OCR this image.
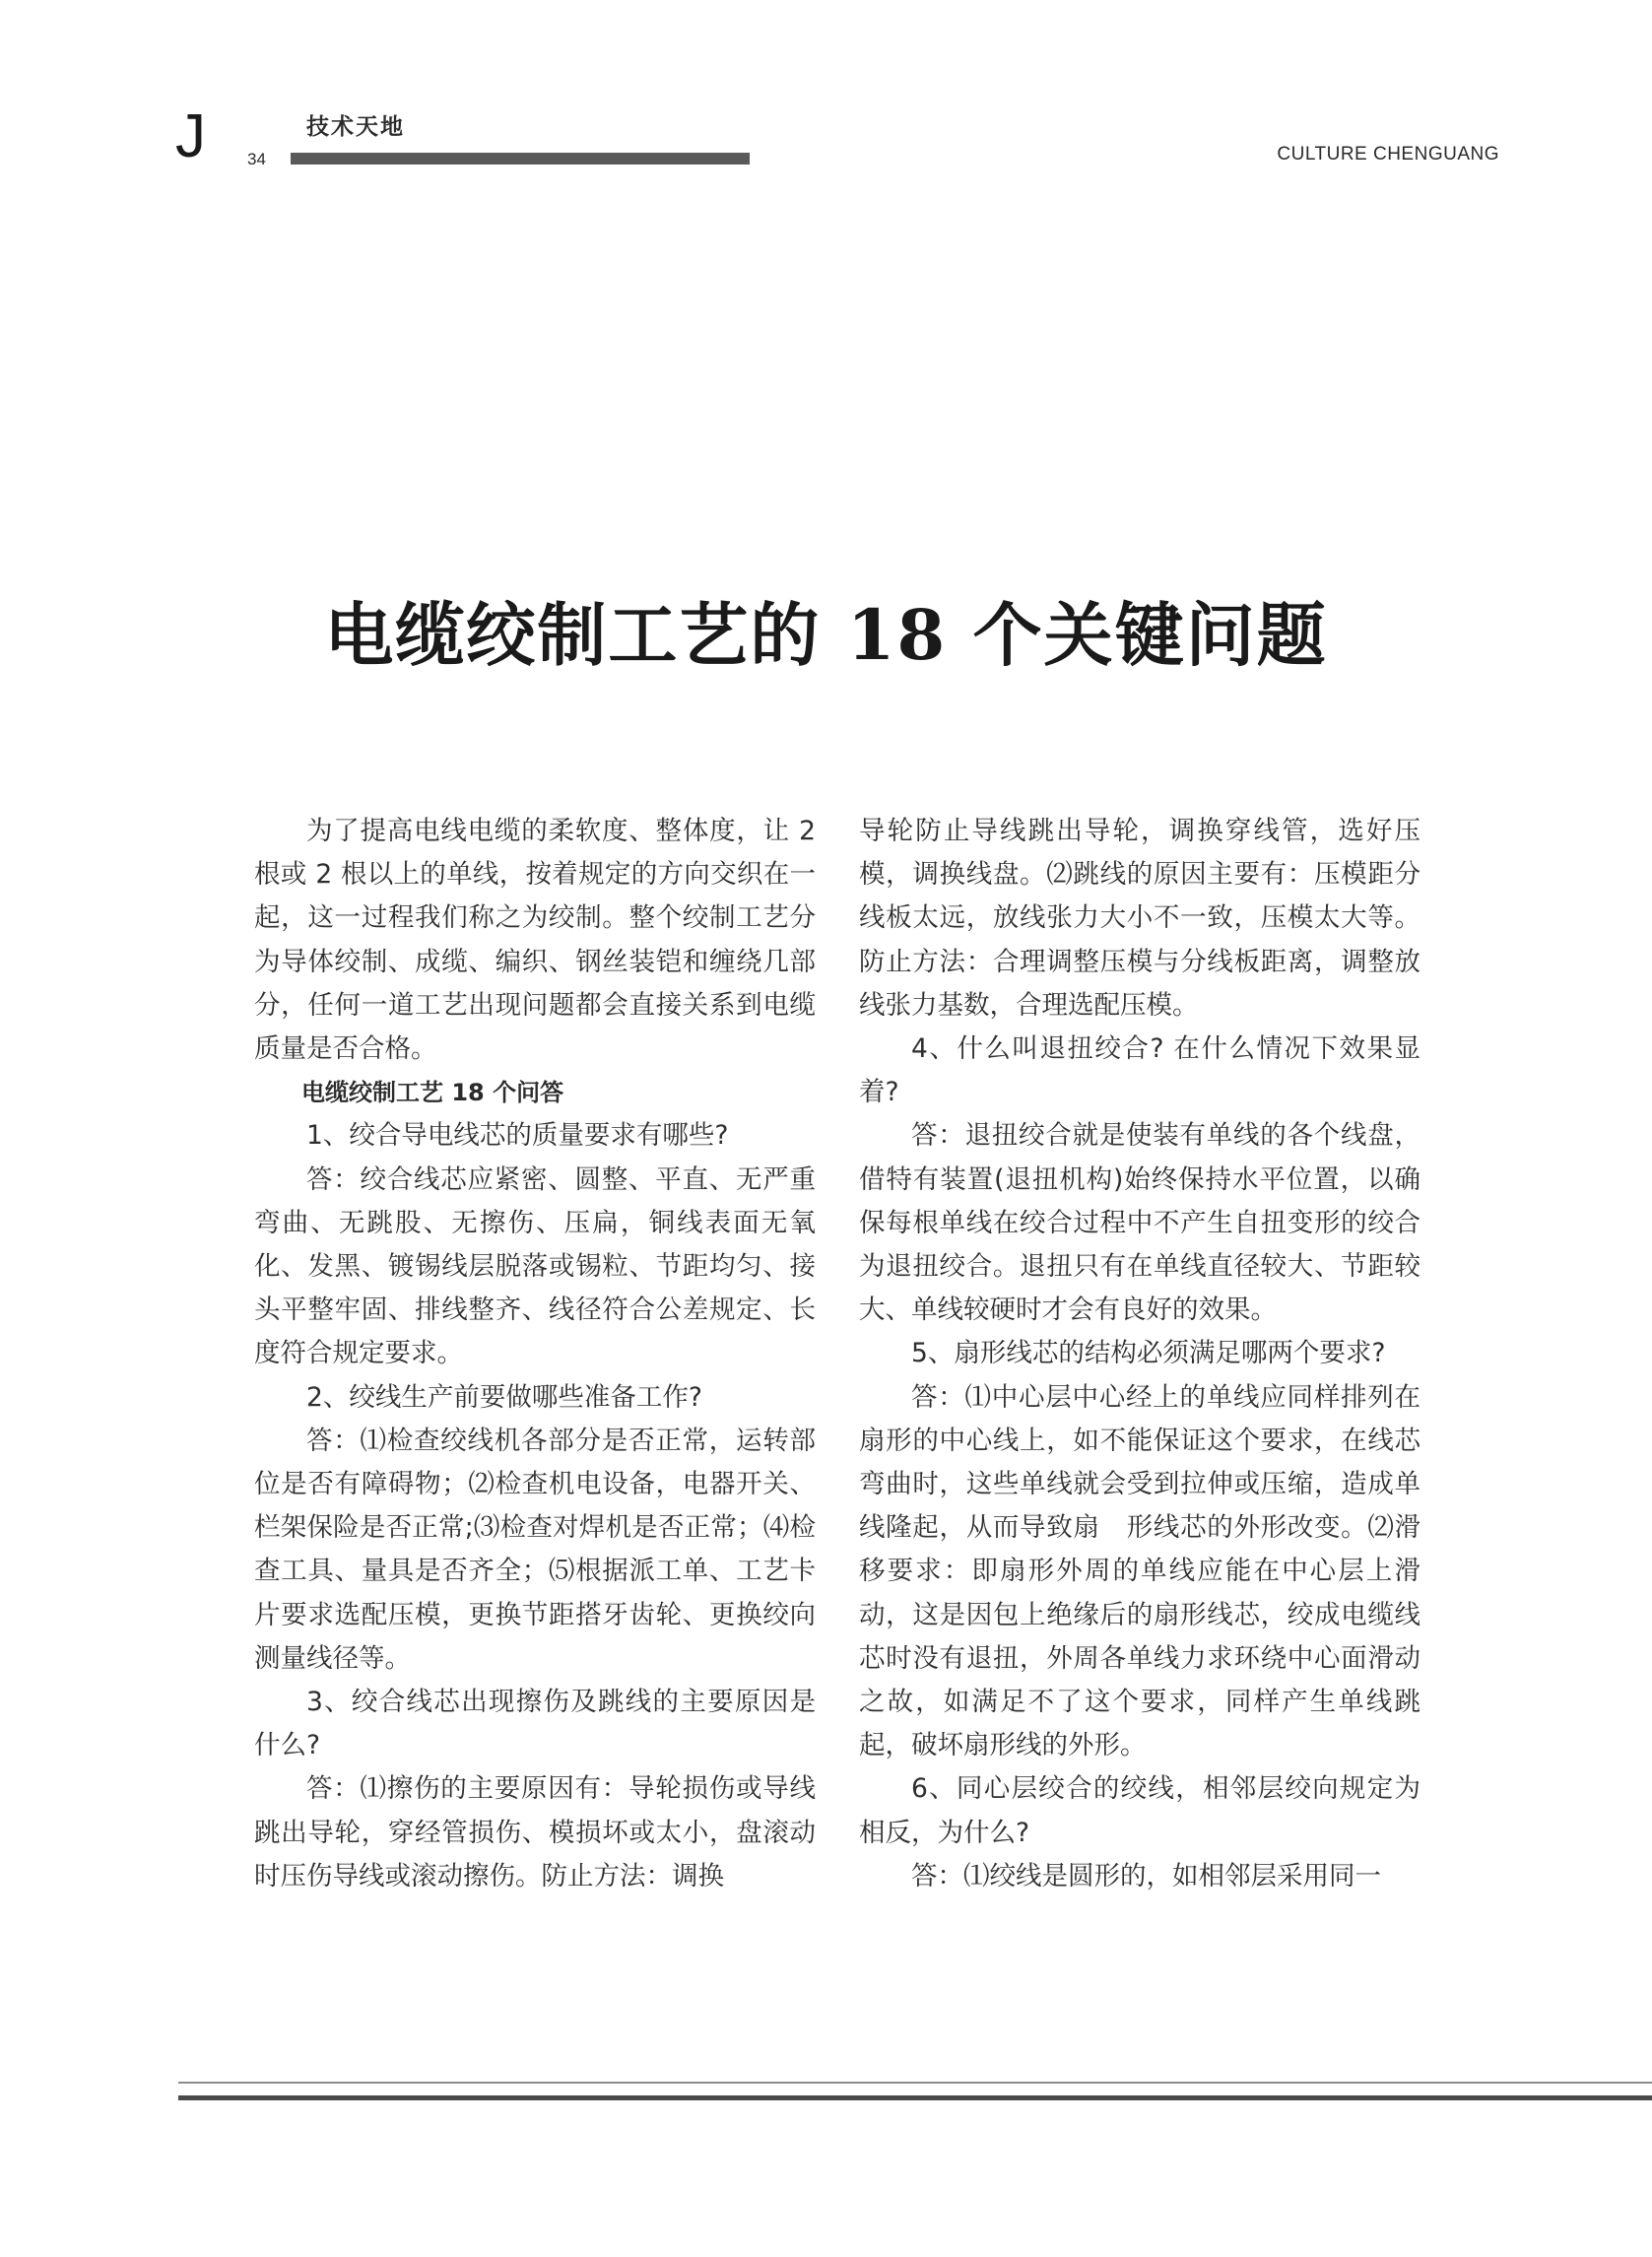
J	技术天地
34	CULTURE CHENGUANG
电缆绞制工艺的 18 个关键问题

为了提高电线电缆的柔软度、整体度，让 2 根或 2 根以上的单线，按着规定的方向交织在一起，这一过程我们称之为绞制。整个绞制工艺分为导体绞制、成缆、编织、钢丝装铠和缠绕几部分，任何一道工艺出现问题都会直接关系到电缆质量是否合格。

电缆绞制工艺 18 个问答

1、绞合导电线芯的质量要求有哪些?

答：绞合线芯应紧密、圆整、平直、无严重弯曲、无跳股、无擦伤、压扁，铜线表面无氧化、发黑、镀锡线层脱落或锡粒、节距均匀、接头平整牢固、排线整齐、线径符合公差规定、长度符合规定要求。

2、绞线生产前要做哪些准备工作?

答：⑴检查绞线机各部分是否正常，运转部位是否有障碍物；⑵检查机电设备，电器开关、栏架保险是否正常;⑶检查对焊机是否正常；⑷检查工具、量具是否齐全；⑸根据派工单、工艺卡片要求选配压模，更换节距搭牙齿轮、更换绞向测量线径等。

3、绞合线芯出现擦伤及跳线的主要原因是什么?

答：⑴擦伤的主要原因有：导轮损伤或导线跳出导轮，穿经管损伤、模损坏或太小，盘滚动时压伤导线或滚动擦伤。防止方法：调换

导轮防止导线跳出导轮，调换穿线管，选好压模，调换线盘。⑵跳线的原因主要有：压模距分线板太远，放线张力大小不一致，压模太大等。防止方法：合理调整压模与分线板距离，调整放线张力基数，合理选配压模。

4、什么叫退扭绞合? 在什么情况下效果显着?

答：退扭绞合就是使装有单线的各个线盘，借特有装置(退扭机构)始终保持水平位置，以确保每根单线在绞合过程中不产生自扭变形的绞合为退扭绞合。退扭只有在单线直径较大、节距较大、单线较硬时才会有良好的效果。

5、扇形线芯的结构必须满足哪两个要求?

答：⑴中心层中心经上的单线应同样排列在扇形的中心线上，如不能保证这个要求，在线芯弯曲时，这些单线就会受到拉伸或压缩，造成单线隆起，从而导致扇　形线芯的外形改变。⑵滑移要求：即扇形外周的单线应能在中心层上滑动，这是因包上绝缘后的扇形线芯，绞成电缆线芯时没有退扭，外周各单线力求环绕中心面滑动之故，如满足不了这个要求，同样产生单线跳起，破坏扇形线的外形。

6、同心层绞合的绞线，相邻层绞向规定为相反，为什么?

答：⑴绞线是圆形的，如相邻层采用同一
